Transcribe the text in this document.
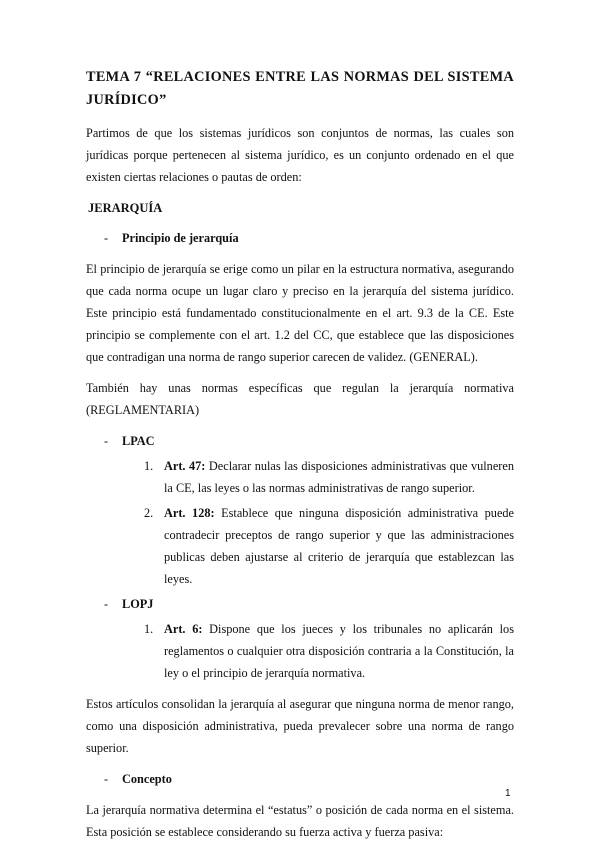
TEMA 7 “RELACIONES ENTRE LAS NORMAS DEL SISTEMA JURÍDICO”

Partimos de que los sistemas jurídicos son conjuntos de normas, las cuales son jurídicas porque pertenecen al sistema jurídico, es un conjunto ordenado en el que existen ciertas relaciones o pautas de orden:

JERARQUÍA
-	Principio de jerarquía

El principio de jerarquía se erige como un pilar en la estructura normativa, asegurando que cada norma ocupe un lugar claro y preciso en la jerarquía del sistema jurídico. Este principio está fundamentado constitucionalmente en el art. 9.3 de la CE. Este principio se complemente con el art. 1.2 del CC, que establece que las disposiciones que contradigan una norma de rango superior carecen de validez. (GENERAL).

También hay unas normas específicas que regulan la jerarquía normativa (REGLAMENTARIA)

-	LPAC
1. Art. 47: Declarar nulas las disposiciones administrativas que vulneren la CE, las leyes o las normas administrativas de rango superior.
2. Art. 128: Establece que ninguna disposición administrativa puede contradecir preceptos de rango superior y que las administraciones publicas deben ajustarse al criterio de jerarquía que establezcan las leyes.
-	LOPJ
1. Art. 6: Dispone que los jueces y los tribunales no aplicarán los reglamentos o cualquier otra disposición contraria a la Constitución, la ley o el principio de jerarquía normativa.

Estos artículos consolidan la jerarquía al asegurar que ninguna norma de menor rango, como una disposición administrativa, pueda prevalecer sobre una norma de rango superior.

-	Concepto

La jerarquía normativa determina el “estatus” o posición de cada norma en el sistema. Esta posición se establece considerando su fuerza activa y fuerza pasiva:

1
